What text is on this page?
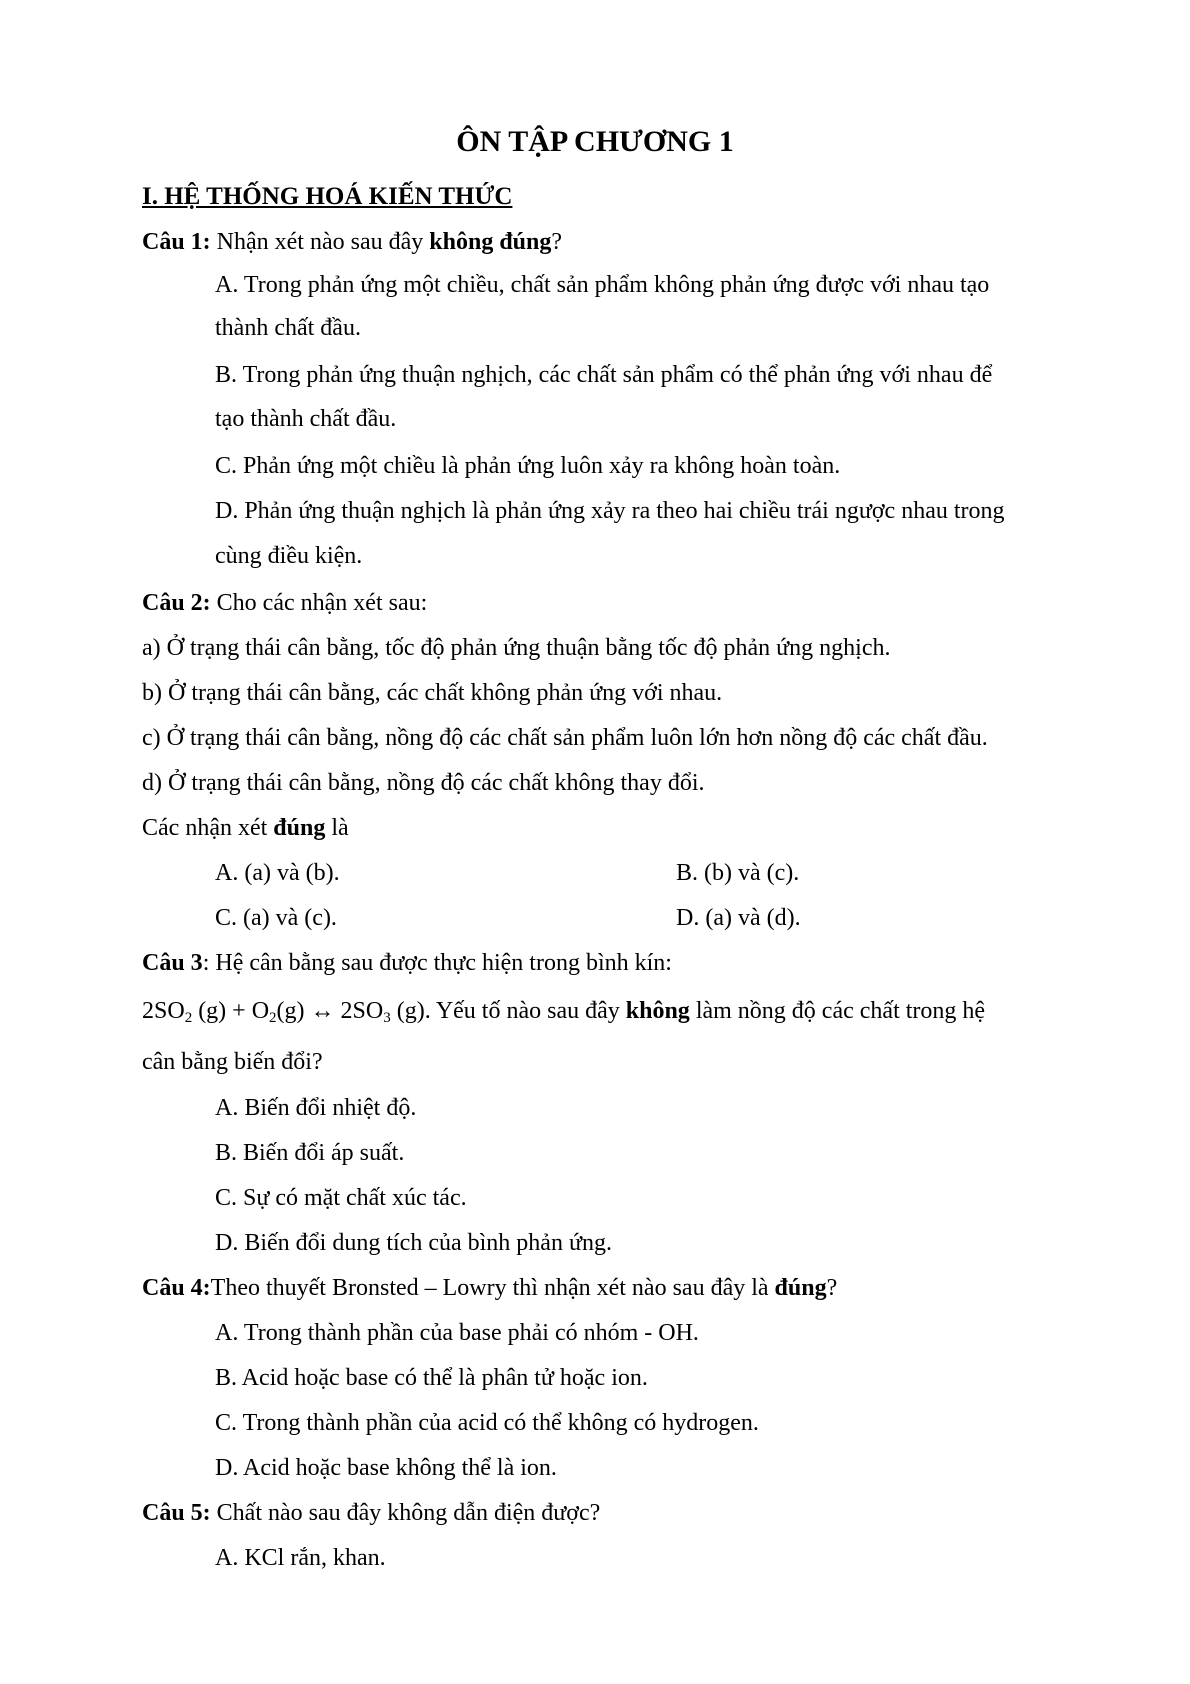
ÔN TẬP CHƯƠNG 1
I. HỆ THỐNG HOÁ KIẾN THỨC
Câu 1: Nhận xét nào sau đây không đúng?
A. Trong phản ứng một chiều, chất sản phẩm không phản ứng được với nhau tạo
thành chất đầu.
B. Trong phản ứng thuận nghịch, các chất sản phẩm có thể phản ứng với nhau để
tạo thành chất đầu.
C. Phản ứng một chiều là phản ứng luôn xảy ra không hoàn toàn.
D. Phản ứng thuận nghịch là phản ứng xảy ra theo hai chiều trái ngược nhau trong
cùng điều kiện.
Câu 2: Cho các nhận xét sau:
a) Ở trạng thái cân bằng, tốc độ phản ứng thuận bằng tốc độ phản ứng nghịch.
b) Ở trạng thái cân bằng, các chất không phản ứng với nhau.
c) Ở trạng thái cân bằng, nồng độ các chất sản phẩm luôn lớn hơn nồng độ các chất đầu.
d) Ở trạng thái cân bằng, nồng độ các chất không thay đổi.
Các nhận xét đúng là
A. (a) và (b).	B. (b) và (c).
C. (a) và (c).	D. (a) và (d).
Câu 3: Hệ cân bằng sau được thực hiện trong bình kín:
$2SO_2$ $(g) + O_2(g)$ ↔ $2SO_3$ (g). Yếu tố nào sau đây không làm nồng độ các chất trong hệ
cân bằng biến đổi?
A. Biến đổi nhiệt độ.
B. Biến đổi áp suất.
C. Sự có mặt chất xúc tác.
D. Biến đổi dung tích của bình phản ứng.
Câu 4:Theo thuyết Bronsted – Lowry thì nhận xét nào sau đây là đúng?
A. Trong thành phần của base phải có nhóm - OH.
B. Acid hoặc base có thể là phân tử hoặc ion.
C. Trong thành phần của acid có thể không có hydrogen.
D. Acid hoặc base không thể là ion.
Câu 5: Chất nào sau đây không dẫn điện được?
A. KCl rắn, khan.
